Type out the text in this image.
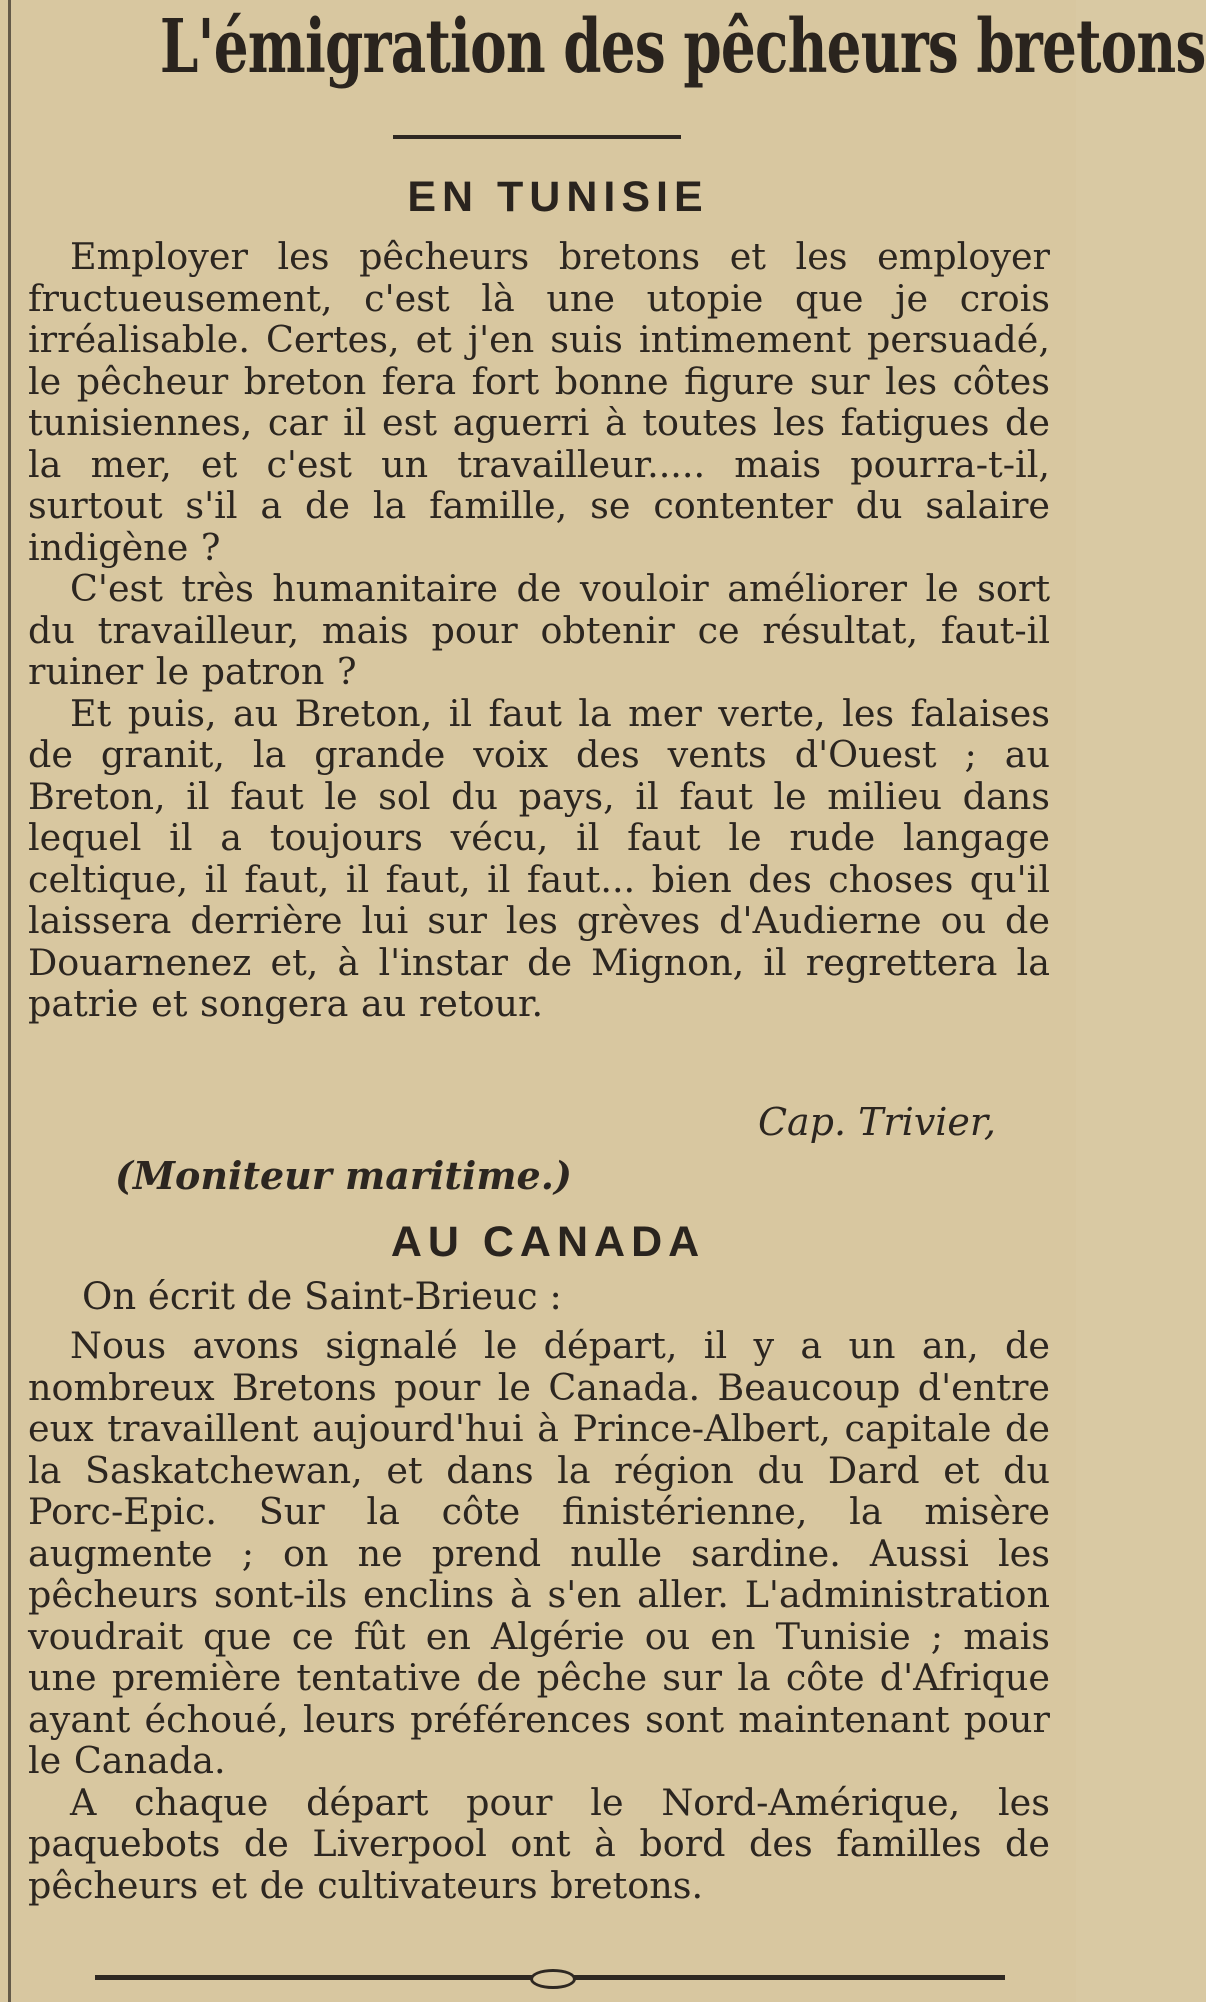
L'émigration des pêcheurs bretons
EN TUNISIE

Employer les pêcheurs bretons et les employer fructueusement, c'est là une utopie que je crois irréalisable. Certes, et j'en suis intimement persuadé, le pêcheur breton fera fort bonne figure sur les côtes tunisiennes, car il est aguerri à toutes les fatigues de la mer, et c'est un travailleur..... mais pourra-t-il, surtout s'il a de la famille, se contenter du salaire indigène ?

C'est très humanitaire de vouloir améliorer le sort du travailleur, mais pour obtenir ce résultat, faut-il ruiner le patron ?

Et puis, au Breton, il faut la mer verte, les falaises de granit, la grande voix des vents d'Ouest ; au Breton, il faut le sol du pays, il faut le milieu dans lequel il a toujours vécu, il faut le rude langage celtique, il faut, il faut, il faut... bien des choses qu'il laissera derrière lui sur les grèves d'Audierne ou de Douarnenez et, à l'instar de Mignon, il regrettera la patrie et songera au retour.

Cap. Trivier,

(Moniteur maritime.)

AU CANADA

On écrit de Saint-Brieuc :

Nous avons signalé le départ, il y a un an, de nombreux Bretons pour le Canada. Beaucoup d'entre eux travaillent aujourd'hui à Prince-Albert, capitale de la Saskatchewan, et dans la région du Dard et du Porc-Epic. Sur la côte finistérienne, la misère augmente ; on ne prend nulle sardine. Aussi les pêcheurs sont-ils enclins à s'en aller. L'administration voudrait que ce fût en Algérie ou en Tunisie ; mais une première tentative de pêche sur la côte d'Afrique ayant échoué, leurs préférences sont maintenant pour le Canada.

A chaque départ pour le Nord-Amérique, les paquebots de Liverpool ont à bord des familles de pêcheurs et de cultivateurs bretons.
